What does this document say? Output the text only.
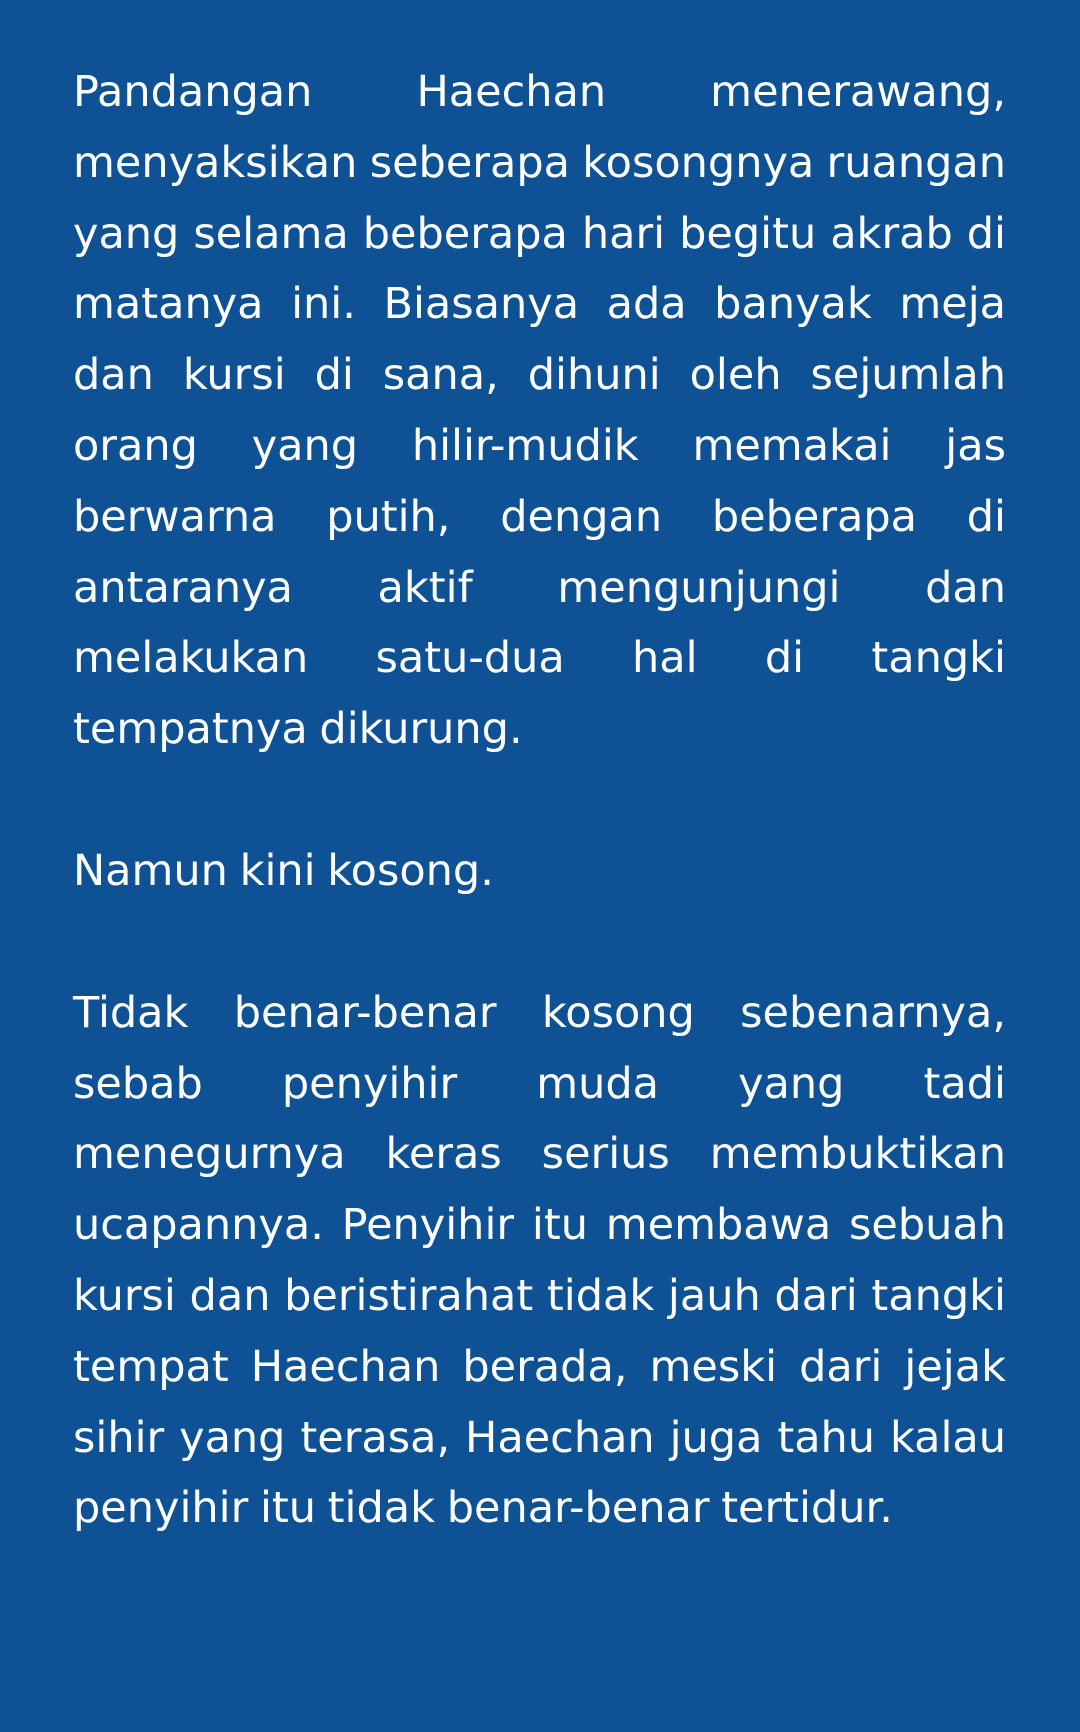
Pandangan Haechan menerawang, menyaksikan seberapa kosongnya ruangan yang selama beberapa hari begitu akrab di matanya ini. Biasanya ada banyak meja dan kursi di sana, dihuni oleh sejumlah orang yang hilir-mudik memakai jas berwarna putih, dengan beberapa di antaranya aktif mengunjungi dan melakukan satu-dua hal di tangki tempatnya dikurung.

Namun kini kosong.

Tidak benar-benar kosong sebenarnya, sebab penyihir muda yang tadi menegurnya keras serius membuktikan ucapannya. Penyihir itu membawa sebuah kursi dan beristirahat tidak jauh dari tangki tempat Haechan berada, meski dari jejak sihir yang terasa, Haechan juga tahu kalau penyihir itu tidak benar-benar tertidur.
